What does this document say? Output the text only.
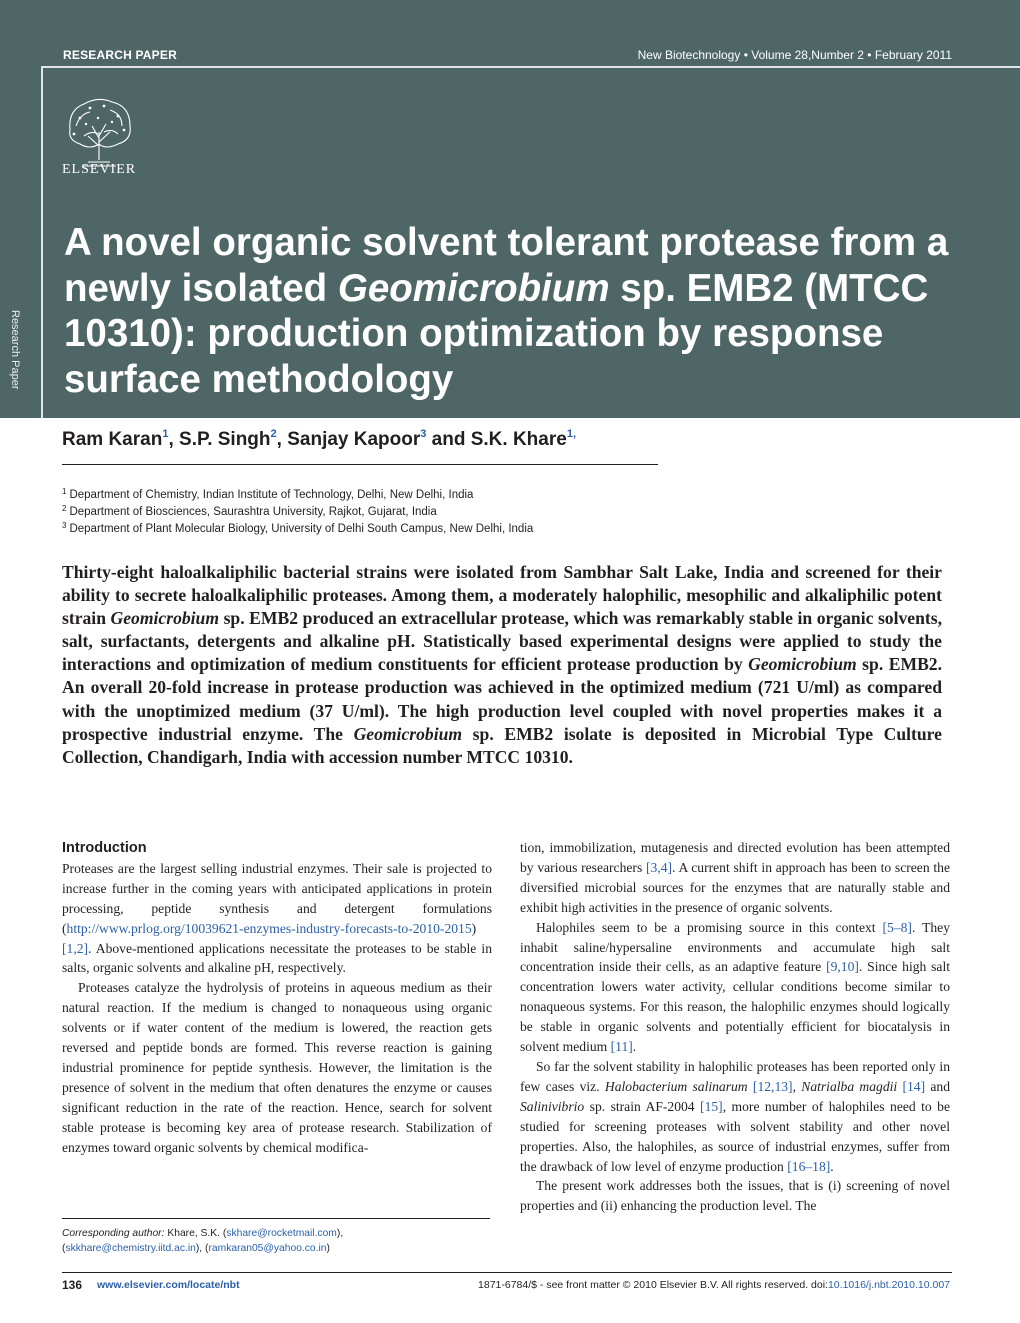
RESEARCH PAPER	New Biotechnology • Volume 28,Number 2 • February 2011
Research Paper
ELSEVIER
A novel organic solvent tolerant protease from a newly isolated Geomicrobium sp. EMB2 (MTCC 10310): production optimization by response surface methodology
Ram Karan$^1$, S.P. Singh$^2$, Sanjay Kapoor$^3$ and S.K. Khare$^{1,}$
$^1$ Department of Chemistry, Indian Institute of Technology, Delhi, New Delhi, India
$^2$ Department of Biosciences, Saurashtra University, Rajkot, Gujarat, India
$^3$ Department of Plant Molecular Biology, University of Delhi South Campus, New Delhi, India
Thirty-eight haloalkaliphilic bacterial strains were isolated from Sambhar Salt Lake, India and screened for their ability to secrete haloalkaliphilic proteases. Among them, a moderately halophilic, mesophilic and alkaliphilic potent strain Geomicrobium sp. EMB2 produced an extracellular protease, which was remarkably stable in organic solvents, salt, surfactants, detergents and alkaline pH. Statistically based experimental designs were applied to study the interactions and optimization of medium constituents for efficient protease production by Geomicrobium sp. EMB2. An overall 20-fold increase in protease production was achieved in the optimized medium (721 U/ml) as compared with the unoptimized medium (37 U/ml). The high production level coupled with novel properties makes it a prospective industrial enzyme. The Geomicrobium sp. EMB2 isolate is deposited in Microbial Type Culture Collection, Chandigarh, India with accession number MTCC 10310.
Introduction

Proteases are the largest selling industrial enzymes. Their sale is projected to increase further in the coming years with anticipated applications in protein processing, peptide synthesis and detergent formulations (http://www.prlog.org/10039621-enzymes-industry-forecasts-to-2010-2015) [1,2]. Above-mentioned applications necessitate the proteases to be stable in salts, organic solvents and alkaline pH, respectively.

Proteases catalyze the hydrolysis of proteins in aqueous medium as their natural reaction. If the medium is changed to nonaqueous using organic solvents or if water content of the medium is lowered, the reaction gets reversed and peptide bonds are formed. This reverse reaction is gaining industrial prominence for peptide synthesis. However, the limitation is the presence of solvent in the medium that often denatures the enzyme or causes significant reduction in the rate of the reaction. Hence, search for solvent stable protease is becoming key area of protease research. Stabilization of enzymes toward organic solvents by chemical modifica-

tion, immobilization, mutagenesis and directed evolution has been attempted by various researchers [3,4]. A current shift in approach has been to screen the diversified microbial sources for the enzymes that are naturally stable and exhibit high activities in the presence of organic solvents.

Halophiles seem to be a promising source in this context [5–8]. They inhabit saline/hypersaline environments and accumulate high salt concentration inside their cells, as an adaptive feature [9,10]. Since high salt concentration lowers water activity, cellular conditions become similar to nonaqueous systems. For this reason, the halophilic enzymes should logically be stable in organic solvents and potentially efficient for biocatalysis in solvent medium [11].

So far the solvent stability in halophilic proteases has been reported only in few cases viz. Halobacterium salinarum [12,13], Natrialba magdii [14] and Salinivibrio sp. strain AF-2004 [15], more number of halophiles need to be studied for screening proteases with solvent stability and other novel properties. Also, the halophiles, as source of industrial enzymes, suffer from the drawback of low level of enzyme production [16–18].

The present work addresses both the issues, that is (i) screening of novel properties and (ii) enhancing the production level. The

Corresponding author: Khare, S.K. (skhare@rocketmail.com),
(skkhare@chemistry.iitd.ac.in), (ramkaran05@yahoo.co.in)
136 www.elsevier.com/locate/nbt	1871-6784/$ - see front matter © 2010 Elsevier B.V. All rights reserved. doi:10.1016/j.nbt.2010.10.007
